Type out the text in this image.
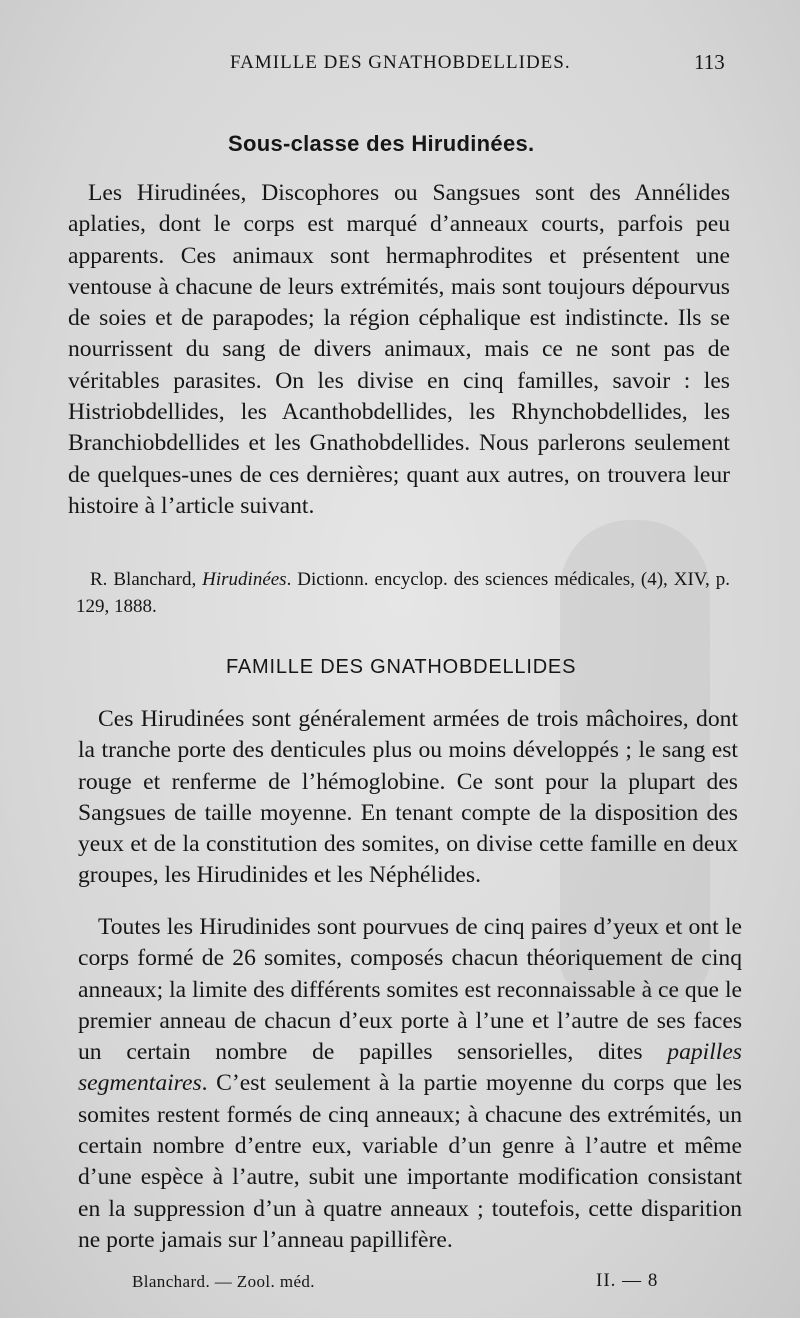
FAMILLE DES GNATHOBDELLIDES.	113
Sous-classe des Hirudinées.

Les Hirudinées, Discophores ou Sangsues sont des Annélides aplaties, dont le corps est marqué d’anneaux courts, parfois peu apparents. Ces animaux sont hermaphrodites et présentent une ventouse à chacune de leurs extrémités, mais sont toujours dépourvus de soies et de parapodes; la région céphalique est indistincte. Ils se nourrissent du sang de divers animaux, mais ce ne sont pas de véritables parasites. On les divise en cinq familles, savoir : les Histriobdellides, les Acanthobdellides, les Rhynchobdellides, les Branchiobdellides et les Gnathobdellides. Nous parlerons seulement de quelques-unes de ces dernières; quant aux autres, on trouvera leur histoire à l’article suivant.

R. Blanchard, Hirudinées. Dictionn. encyclop. des sciences médicales, (4), XIV, p. 129, 1888.

FAMILLE DES GNATHOBDELLIDES

Ces Hirudinées sont généralement armées de trois mâchoires, dont la tranche porte des denticules plus ou moins développés ; le sang est rouge et renferme de l’hémoglobine. Ce sont pour la plupart des Sangsues de taille moyenne. En tenant compte de la disposition des yeux et de la constitution des somites, on divise cette famille en deux groupes, les Hirudinides et les Néphélides.

Toutes les Hirudinides sont pourvues de cinq paires d’yeux et ont le corps formé de 26 somites, composés chacun théoriquement de cinq anneaux; la limite des différents somites est reconnaissable à ce que le premier anneau de chacun d’eux porte à l’une et l’autre de ses faces un certain nombre de papilles sensorielles, dites papilles segmentaires. C’est seulement à la partie moyenne du corps que les somites restent formés de cinq anneaux; à chacune des extrémités, un certain nombre d’entre eux, variable d’un genre à l’autre et même d’une espèce à l’autre, subit une importante modification consistant en la suppression d’un à quatre anneaux ; toutefois, cette disparition ne porte jamais sur l’anneau papillifère.

Blanchard. — Zool. méd.	II. — 8
